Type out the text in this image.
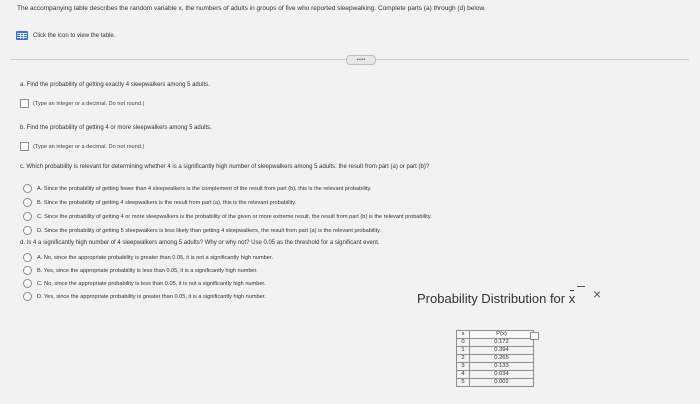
The accompanying table describes the random variable x, the numbers of adults in groups of five who reported sleepwalking. Complete parts (a) through (d) below.
Click the icon to view the table.
•••••
a. Find the probability of getting exactly 4 sleepwalkers among 5 adults.
(Type an integer or a decimal. Do not round.)
b. Find the probability of getting 4 or more sleepwalkers among 5 adults.
(Type an integer or a decimal. Do not round.)
c. Which probability is relevant for determining whether 4 is a significantly high number of sleepwalkers among 5 adults: the result from part (a) or part (b)?
A. Since the probability of getting fewer than 4 sleepwalkers is the complement of the result from part (b), this is the relevant probability.
B. Since the probability of getting 4 sleepwalkers is the result from part (a), this is the relevant probability.
C. Since the probability of getting 4 or more sleepwalkers is the probability of the given or more extreme result, the result from part (b) is the relevant probability.
D. Since the probability of getting 5 sleepwalkers is less likely than getting 4 sleepwalkers, the result from part (a) is the relevant probability.
d. Is 4 a significantly high number of 4 sleepwalkers among 5 adults? Why or why not? Use 0.05 as the threshold for a significant event.
A. No, since the appropriate probability is greater than 0.05, it is not a significantly high number.
B. Yes, since the appropriate probability is less than 0.05, it is a significantly high number.
C. No, since the appropriate probability is less than 0.05, it is not a significantly high number.
D. Yes, since the appropriate probability is greater than 0.05, it is a significantly high number.	Probability Distribution for x ×
x	P(x)
0	0.172
1	0.394
2	0.265
3	0.133
4	0.034
5	0.002
